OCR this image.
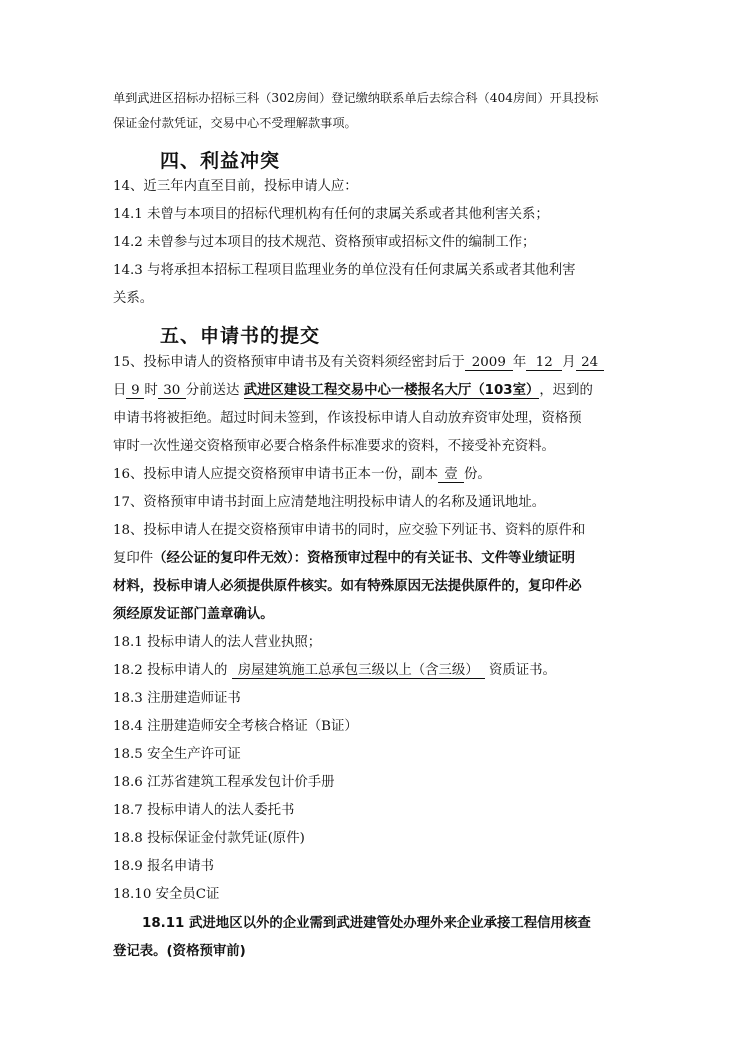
单到武进区招标办招标三科（302房间）登记缴纳联系单后去综合科（404房间）开具投标
保证金付款凭证，交易中心不受理解款事项。
四、利益冲突
14、近三年内直至目前，投标申请人应：
14.1 未曾与本项目的招标代理机构有任何的隶属关系或者其他利害关系；
14.2 未曾参与过本项目的技术规范、资格预审或招标文件的编制工作；
14.3 与将承担本招标工程项目监理业务的单位没有任何隶属关系或者其他利害
关系。
五、申请书的提交
15、投标申请人的资格预审申请书及有关资料须经密封后于 2009 年 12 月 24
日 9 时 30 分前送达 武进区建设工程交易中心一楼报名大厅（103室），迟到的
申请书将被拒绝。超过时间未签到，作该投标申请人自动放弃资审处理，资格预
审时一次性递交资格预审必要合格条件标准要求的资料，不接受补充资料。
16、投标申请人应提交资格预审申请书正本一份，副本 壹 份。
17、资格预审申请书封面上应清楚地注明投标申请人的名称及通讯地址。
18、投标申请人在提交资格预审申请书的同时，应交验下列证书、资料的原件和
复印件（经公证的复印件无效）：资格预审过程中的有关证书、文件等业绩证明
材料，投标申请人必须提供原件核实。如有特殊原因无法提供原件的，复印件必
须经原发证部门盖章确认。
18.1 投标申请人的法人营业执照；
18.2 投标申请人的 房屋建筑施工总承包三级以上（含三级） 资质证书。
18.3 注册建造师证书
18.4 注册建造师安全考核合格证（B证）
18.5 安全生产许可证
18.6 江苏省建筑工程承发包计价手册
18.7 投标申请人的法人委托书
18.8 投标保证金付款凭证(原件)
18.9 报名申请书
18.10 安全员C证
18.11 武进地区以外的企业需到武进建管处办理外来企业承接工程信用核查
登记表。(资格预审前)
